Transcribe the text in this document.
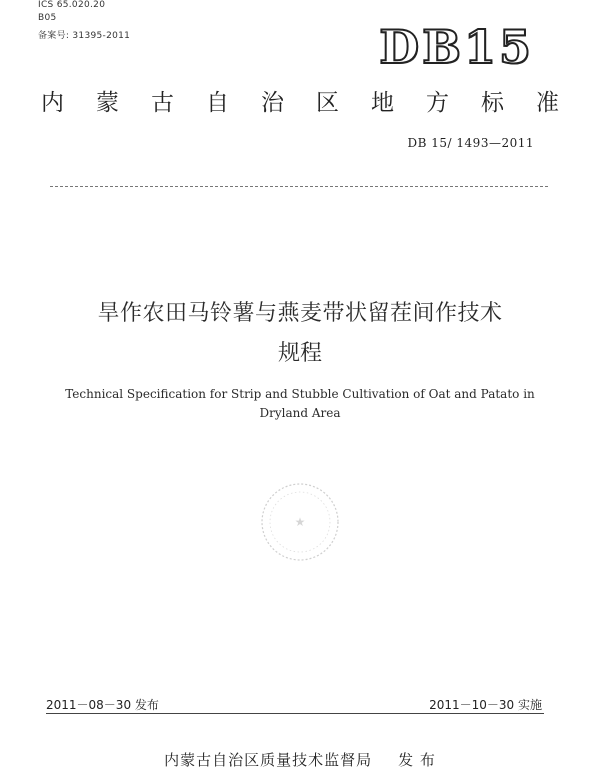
ICS 65.020.20
B05
备案号: 31395-2011	DB15
内	蒙	古	自	治	区	地	方	标	准
DB 15/ 1493—2011
旱作农田马铃薯与燕麦带状留茬间作技术
规程
Technical Specification for Strip and Stubble Cultivation of Oat and Patato in
Dryland Area
★
2011－08－30 发布	2011－10－30 实施
内蒙古自治区质量技术监督局 发 布
